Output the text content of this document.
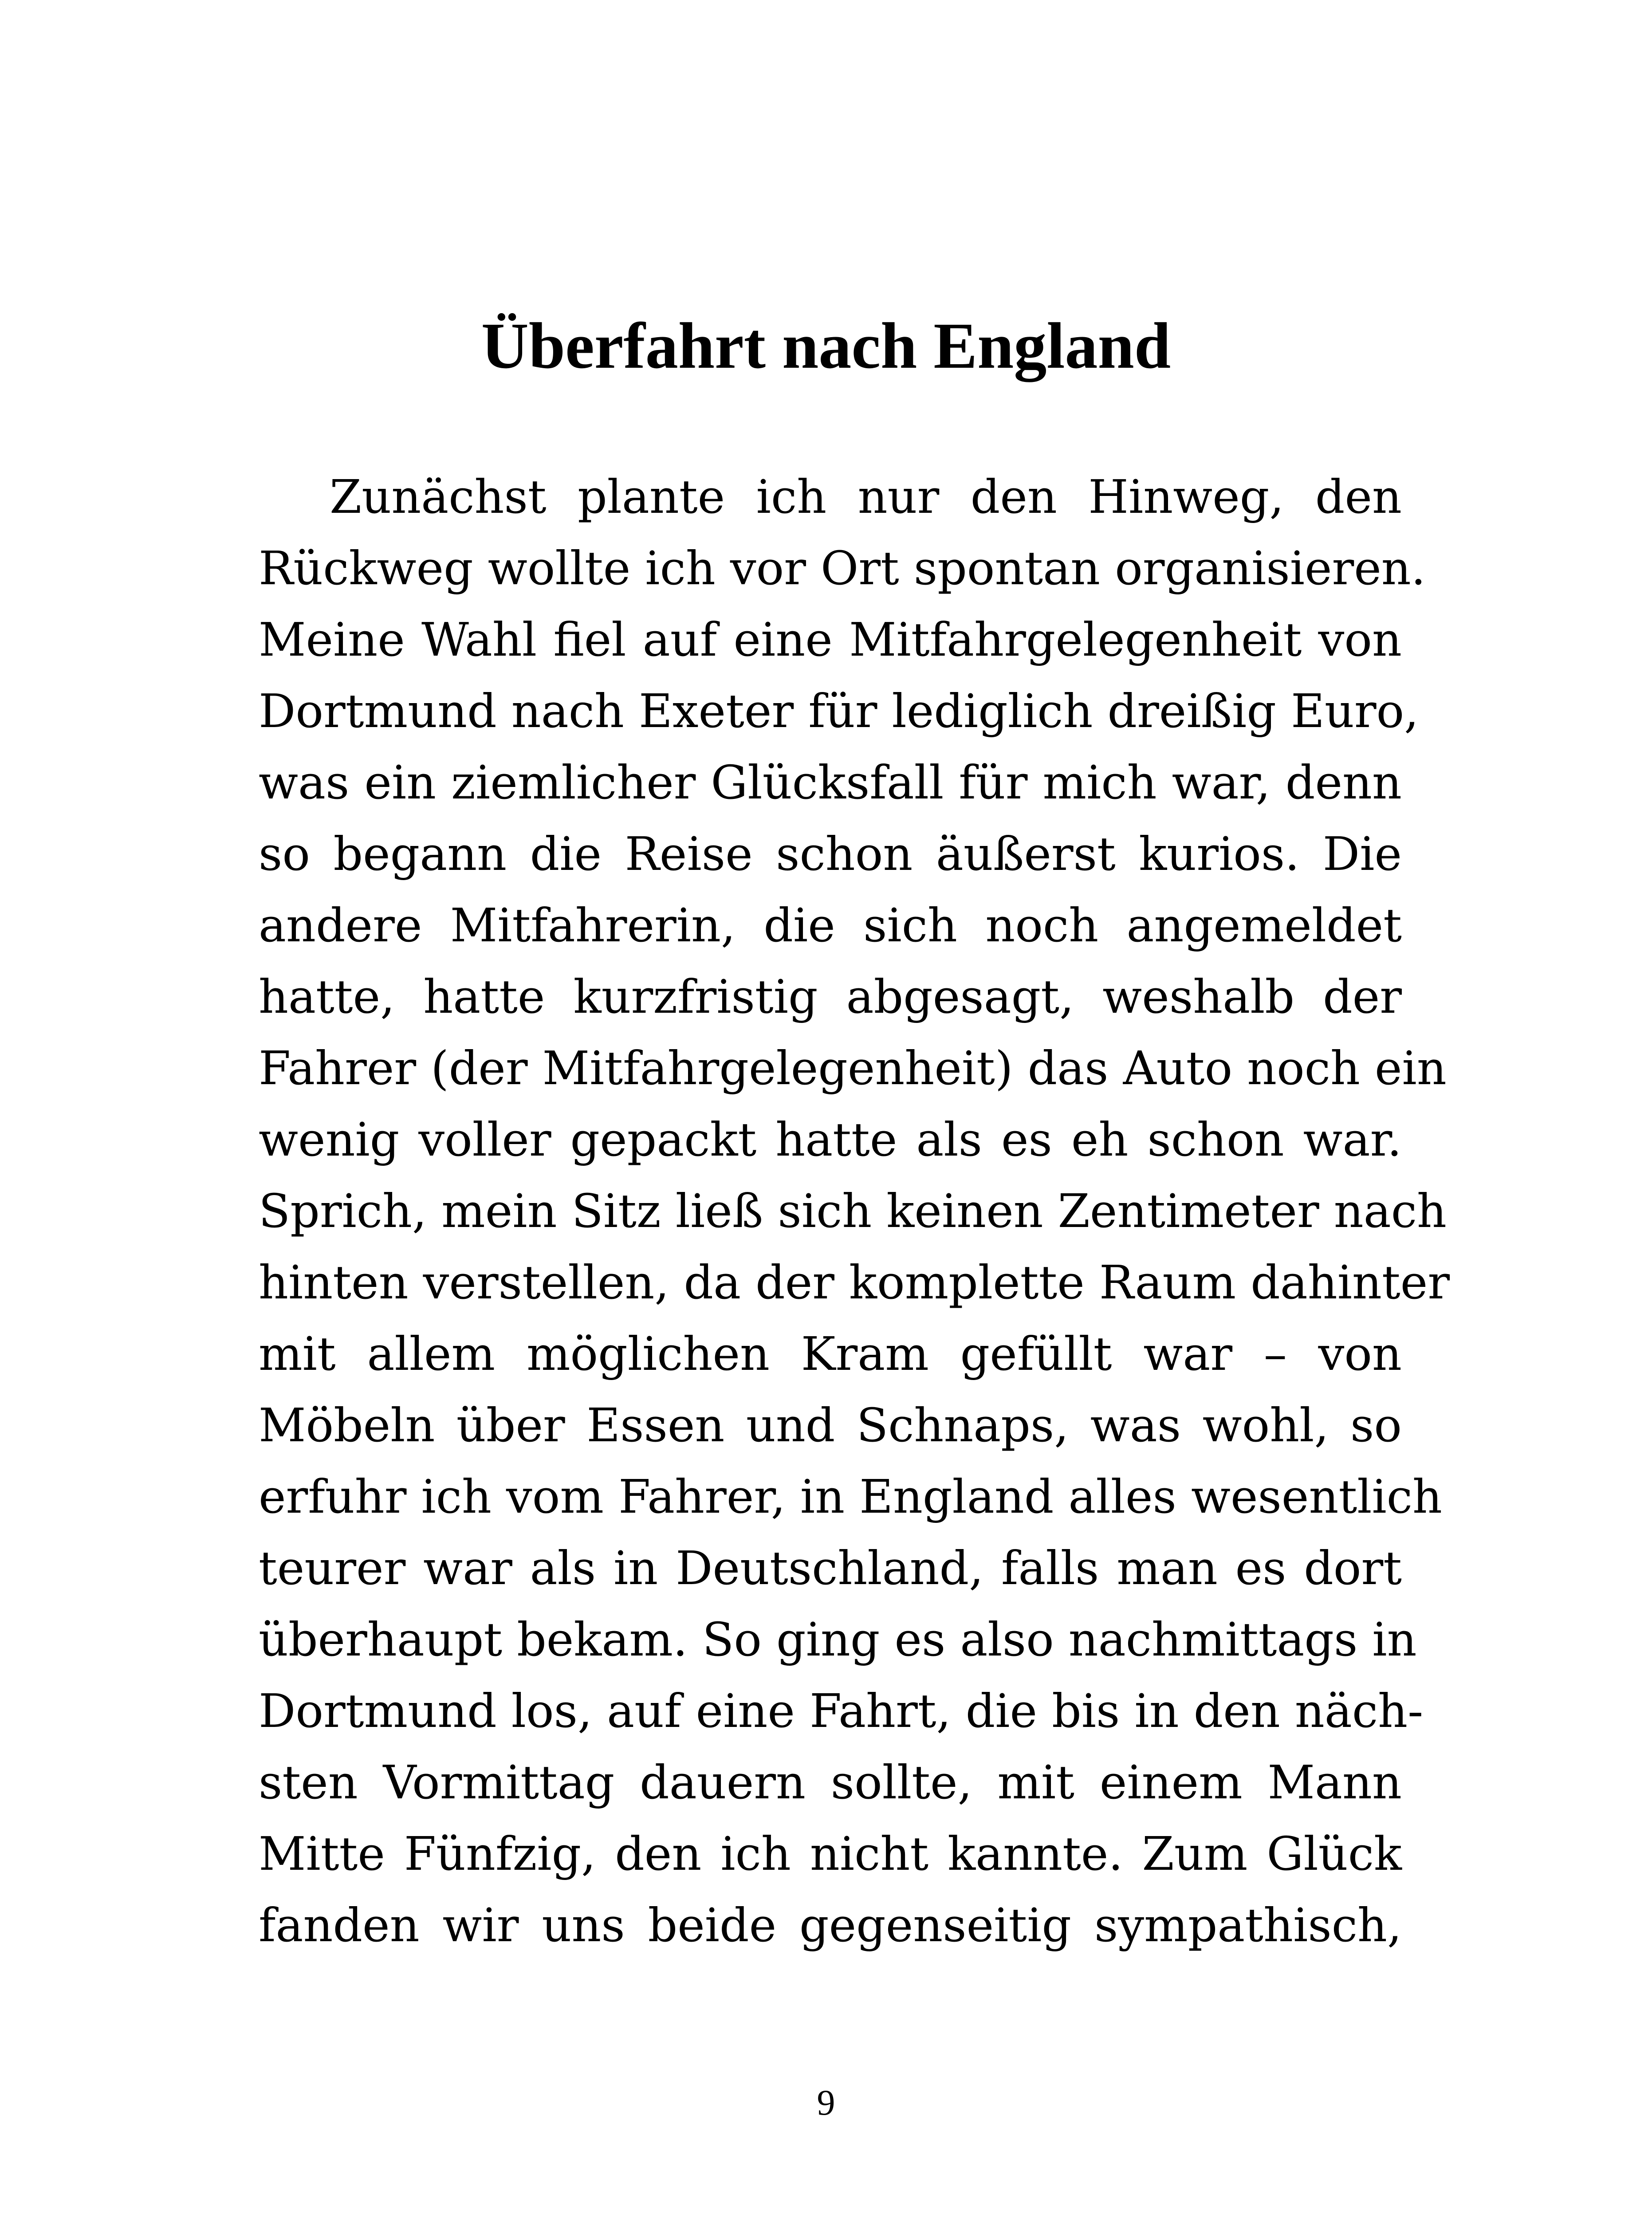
Überfahrt nach England
Zunächst plante ich nur den Hinweg, den
Rückweg wollte ich vor Ort spontan organisieren.
Meine Wahl fiel auf eine Mitfahrgelegenheit von
Dortmund nach Exeter für lediglich dreißig Euro,
was ein ziemlicher Glücksfall für mich war, denn
so begann die Reise schon äußerst kurios. Die
andere Mitfahrerin, die sich noch angemeldet
hatte, hatte kurzfristig abgesagt, weshalb der
Fahrer (der Mitfahrgelegenheit) das Auto noch ein
wenig voller gepackt hatte als es eh schon war.
Sprich, mein Sitz ließ sich keinen Zentimeter nach
hinten verstellen, da der komplette Raum dahinter
mit allem möglichen Kram gefüllt war – von
Möbeln über Essen und Schnaps, was wohl, so
erfuhr ich vom Fahrer, in England alles wesentlich
teurer war als in Deutschland, falls man es dort
überhaupt bekam. So ging es also nachmittags in
Dortmund los, auf eine Fahrt, die bis in den näch-
sten Vormittag dauern sollte, mit einem Mann
Mitte Fünfzig, den ich nicht kannte. Zum Glück
fanden wir uns beide gegenseitig sympathisch,
9
